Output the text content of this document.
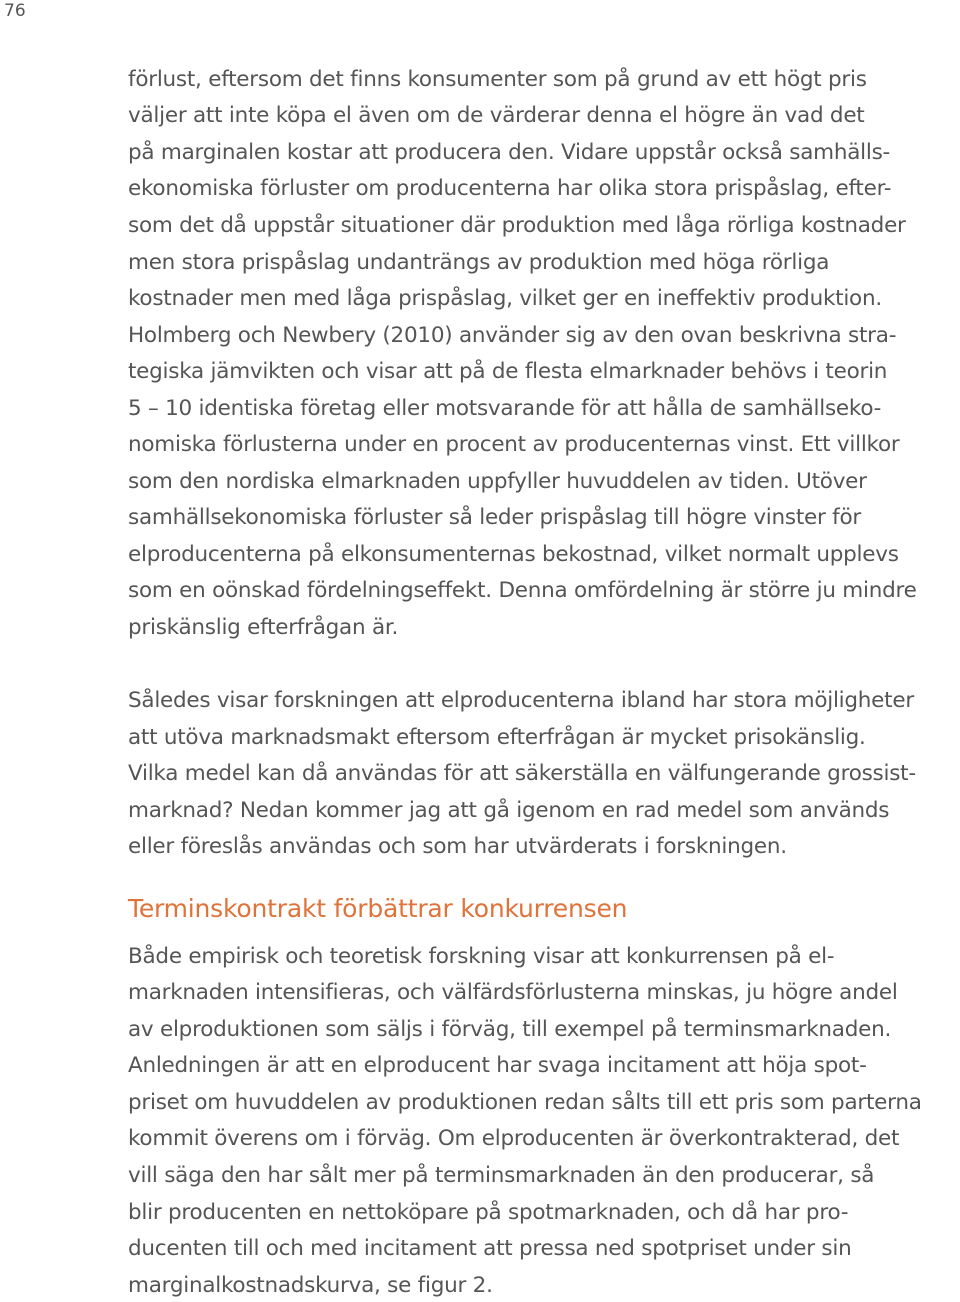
76
förlust, eftersom det finns konsumenter som på grund av ett högt pris
väljer att inte köpa el även om de värderar denna el högre än vad det
på marginalen kostar att producera den. Vidare uppstår också samhälls-
ekonomiska förluster om producenterna har olika stora prispåslag, efter-
som det då uppstår situationer där produktion med låga rörliga kostnader
men stora prispåslag undanträngs av produktion med höga rörliga
kostnader men med låga prispåslag, vilket ger en ineffektiv produktion.
Holmberg och Newbery (2010) använder sig av den ovan beskrivna stra-
tegiska jämvikten och visar att på de flesta elmarknader behövs i teorin
5 – 10 identiska företag eller motsvarande för att hålla de samhällseko-
nomiska förlusterna under en procent av producenternas vinst. Ett villkor
som den nordiska elmarknaden uppfyller huvuddelen av tiden. Utöver
samhällsekonomiska förluster så leder prispåslag till högre vinster för
elproducenterna på elkonsumenternas bekostnad, vilket normalt upplevs
som en oönskad fördelningseffekt. Denna omfördelning är större ju mindre
priskänslig efterfrågan är.
Således visar forskningen att elproducenterna ibland har stora möjligheter
att utöva marknadsmakt eftersom efterfrågan är mycket prisokänslig.
Vilka medel kan då användas för att säkerställa en välfungerande grossist-
marknad? Nedan kommer jag att gå igenom en rad medel som används
eller föreslås användas och som har utvärderats i forskningen.
Terminskontrakt förbättrar konkurrensen
Både empirisk och teoretisk forskning visar att konkurrensen på el-
marknaden intensifieras, och välfärdsförlusterna minskas, ju högre andel
av elproduktionen som säljs i förväg, till exempel på terminsmarknaden.
Anledningen är att en elproducent har svaga incitament att höja spot-
priset om huvuddelen av produktionen redan sålts till ett pris som parterna
kommit överens om i förväg. Om elproducenten är överkontrakterad, det
vill säga den har sålt mer på terminsmarknaden än den producerar, så
blir producenten en nettoköpare på spotmarknaden, och då har pro-
ducenten till och med incitament att pressa ned spotpriset under sin
marginalkostnadskurva, se figur 2.
